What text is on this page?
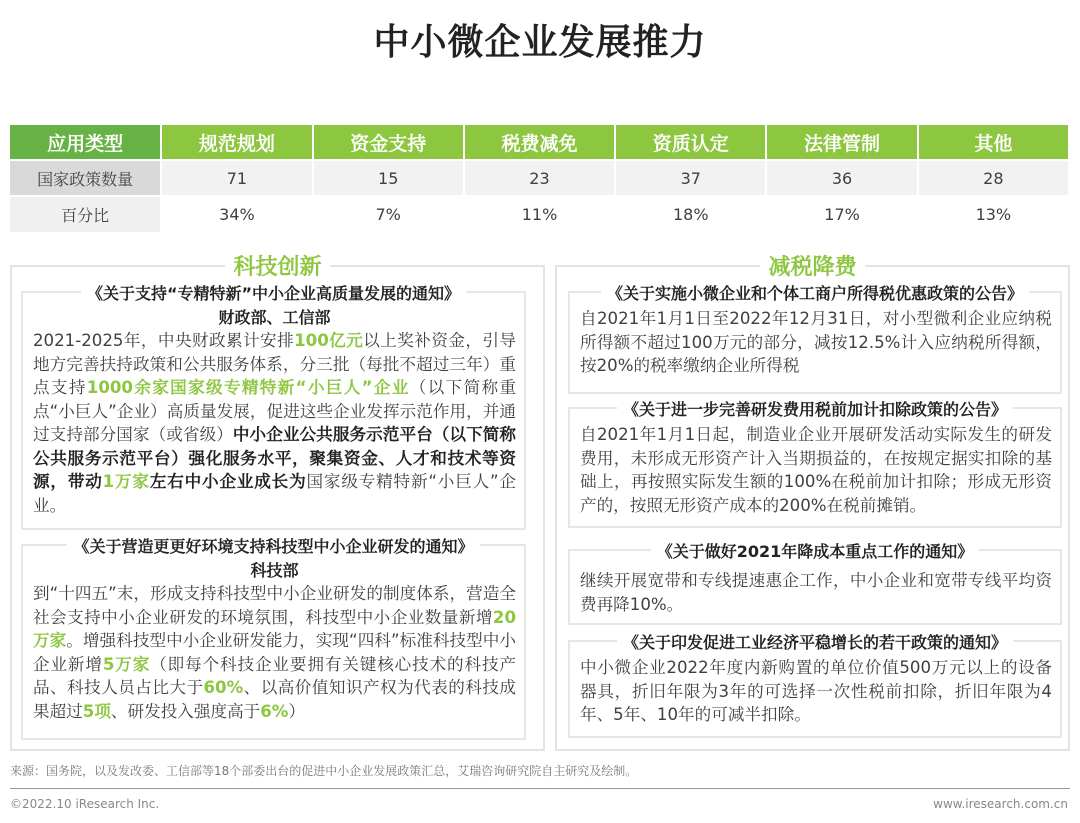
中小微企业发展推力
应用类型	规范规划	资金支持	税费减免	资质认定	法律管制	其他
国家政策数量	71	15	23	37	36	28
百分比	34%	7%	11%	18%	17%	13%
科技创新
《关于支持“专精特新”中小企业高质量发展的通知》
财政部、工信部
2021-2025年，中央财政累计安排100亿元以上奖补资金，引导地方完善扶持政策和公共服务体系，分三批（每批不超过三年）重点支持1000余家国家级专精特新“小巨人”企业（以下简称重点“小巨人”企业）高质量发展，促进这些企业发挥示范作用，并通过支持部分国家（或省级）中小企业公共服务示范平台（以下简称公共服务示范平台）强化服务水平，聚集资金、人才和技术等资源，带动1万家左右中小企业成长为国家级专精特新“小巨人”企业。
《关于营造更更好环境支持科技型中小企业研发的通知》
科技部
到“十四五”末，形成支持科技型中小企业研发的制度体系，营造全社会支持中小企业研发的环境氛围，科技型中小企业数量新增20万家。增强科技型中小企业研发能力，实现“四科”标准科技型中小企业新增5万家（即每个科技企业要拥有关键核心技术的科技产品、科技人员占比大于60%、以高价值知识产权为代表的科技成果超过5项、研发投入强度高于6%）
减税降费
《关于实施小微企业和个体工商户所得税优惠政策的公告》
自2021年1月1日至2022年12月31日，对小型微利企业应纳税所得额不超过100万元的部分，减按12.5%计入应纳税所得额，按20%的税率缴纳企业所得税
《关于进一步完善研发费用税前加计扣除政策的公告》
自2021年1月1日起，制造业企业开展研发活动实际发生的研发费用，未形成无形资产计入当期损益的，在按规定据实扣除的基础上，再按照实际发生额的100%在税前加计扣除；形成无形资产的，按照无形资产成本的200%在税前摊销。
《关于做好2021年降成本重点工作的通知》
继续开展宽带和专线提速惠企工作，中小企业和宽带专线平均资费再降10%。
《关于印发促进工业经济平稳增长的若干政策的通知》
中小微企业2022年度内新购置的单位价值500万元以上的设备器具，折旧年限为3年的可选择一次性税前扣除，折旧年限为4年、5年、10年的可减半扣除。
来源：国务院，以及发改委、工信部等18个部委出台的促进中小企业发展政策汇总，艾瑞咨询研究院自主研究及绘制。
©2022.10 iResearch Inc.	www.iresearch.com.cn
